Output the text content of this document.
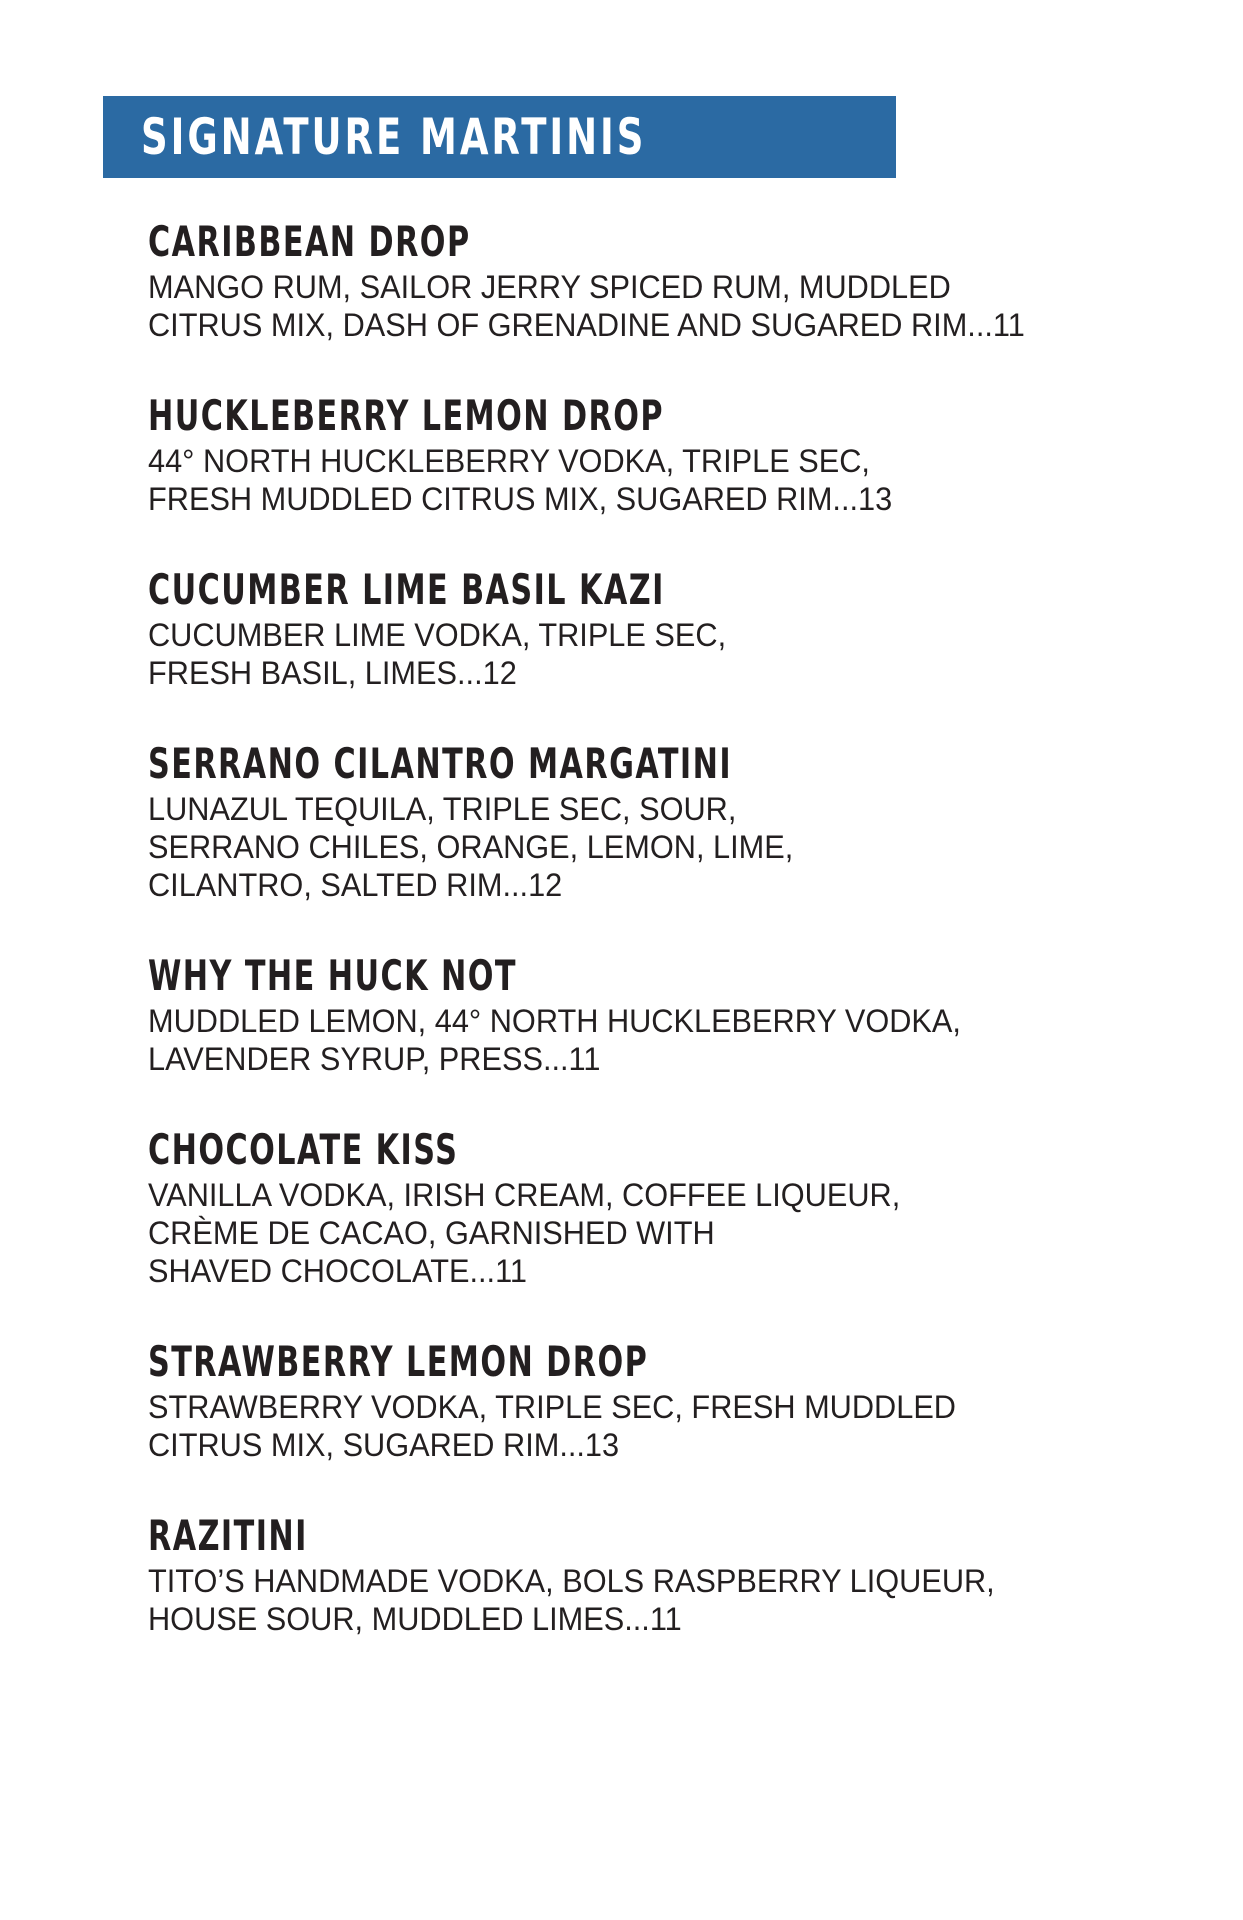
SIGNATURE MARTINIS
CARIBBEAN DROP
MANGO RUM, SAILOR JERRY SPICED RUM, MUDDLED
CITRUS MIX, DASH OF GRENADINE AND SUGARED RIM...11
HUCKLEBERRY LEMON DROP
44° NORTH HUCKLEBERRY VODKA, TRIPLE SEC,
FRESH MUDDLED CITRUS MIX, SUGARED RIM...13
CUCUMBER LIME BASIL KAZI
CUCUMBER LIME VODKA, TRIPLE SEC,
FRESH BASIL, LIMES...12
SERRANO CILANTRO MARGATINI
LUNAZUL TEQUILA, TRIPLE SEC, SOUR,
SERRANO CHILES, ORANGE, LEMON, LIME,
CILANTRO, SALTED RIM...12
WHY THE HUCK NOT
MUDDLED LEMON, 44° NORTH HUCKLEBERRY VODKA,
LAVENDER SYRUP, PRESS...11
CHOCOLATE KISS
VANILLA VODKA, IRISH CREAM, COFFEE LIQUEUR,
CRÈME DE CACAO, GARNISHED WITH
SHAVED CHOCOLATE...11
STRAWBERRY LEMON DROP
STRAWBERRY VODKA, TRIPLE SEC, FRESH MUDDLED
CITRUS MIX, SUGARED RIM...13
RAZITINI
TITO’S HANDMADE VODKA, BOLS RASPBERRY LIQUEUR,
HOUSE SOUR, MUDDLED LIMES...11
